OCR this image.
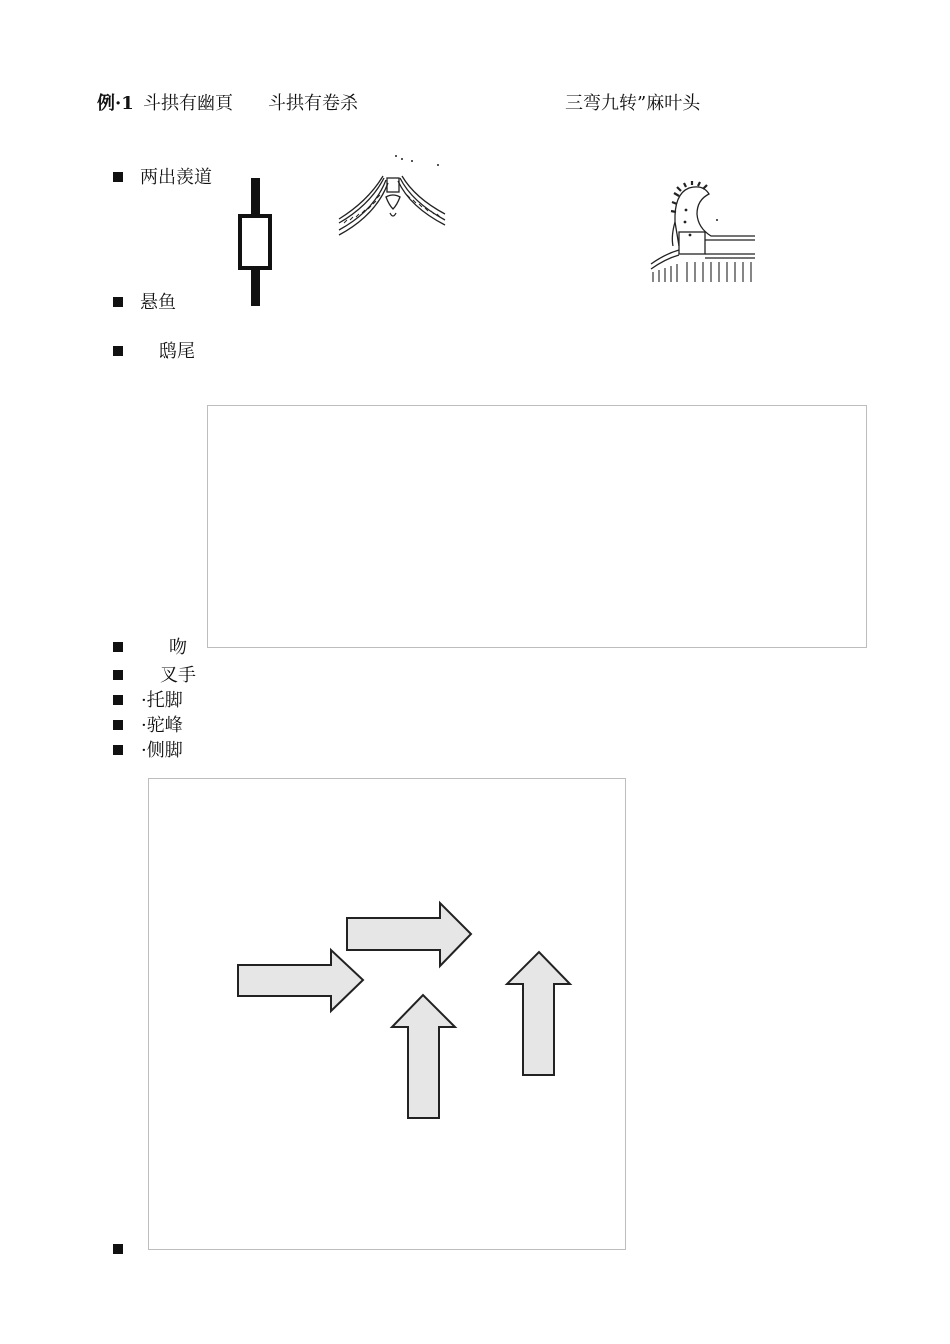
例·1 斗拱有幽頁 斗拱有卷杀	三弯九转”麻叶头
两出羡道
悬鱼
鸱尾
吻
叉手
·托脚
·驼峰
·侧脚
